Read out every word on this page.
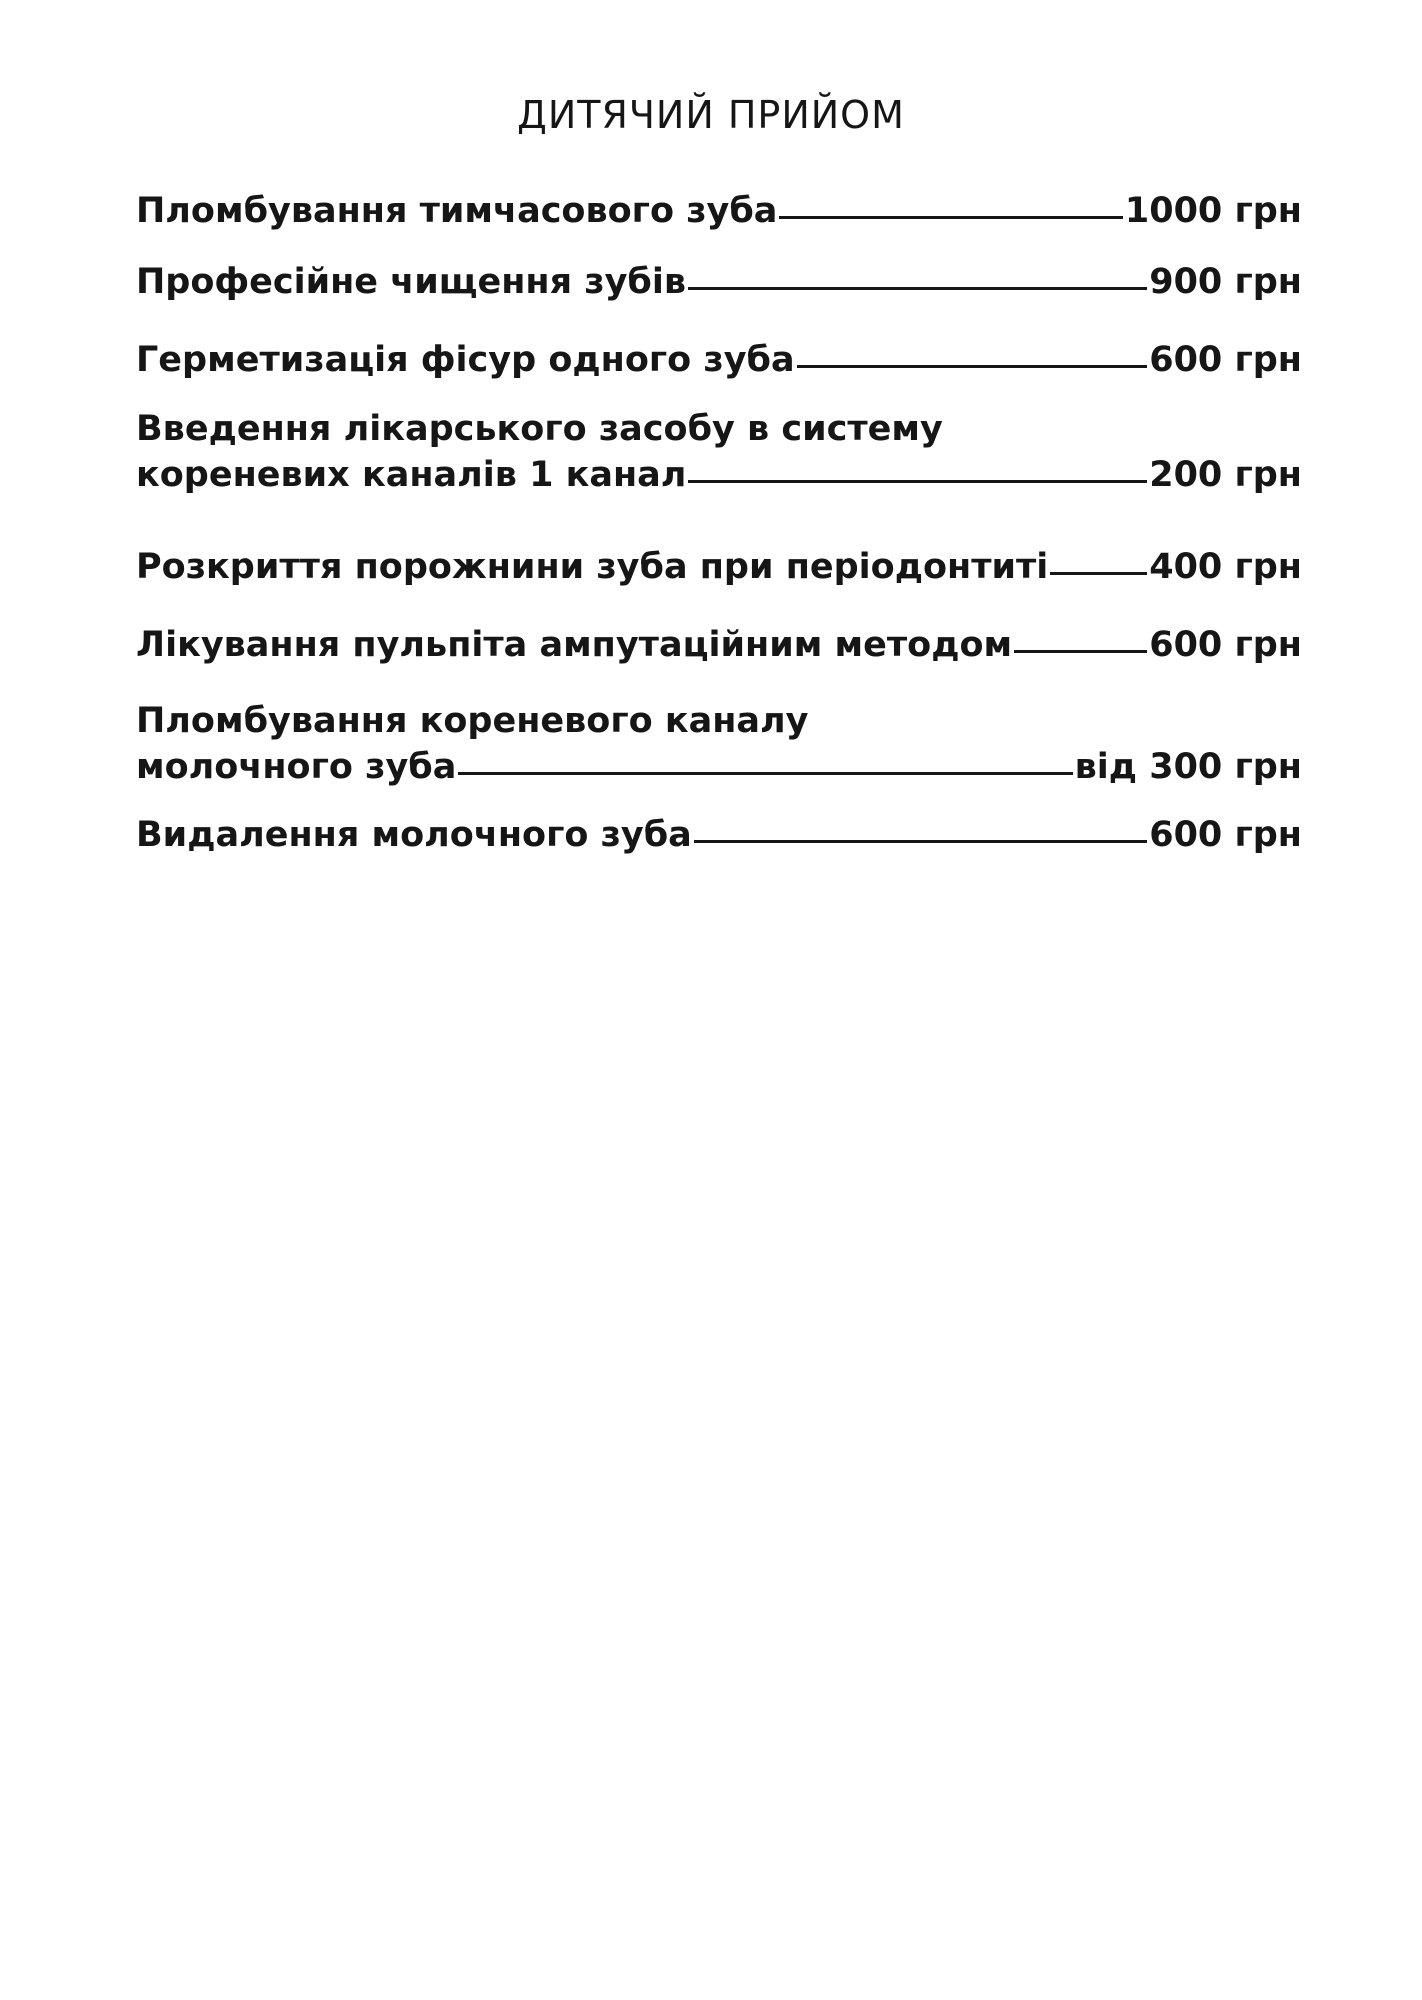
ДИТЯЧИЙ ПРИЙОМ
Пломбування тимчасового зуба	1000 грн
Професійне чищення зубів	900 грн
Герметизація фісур одного зуба	600 грн
Введення лікарського засобу в систему
кореневих каналів 1 канал	200 грн
Розкриття порожнини зуба при періодонтиті	400 грн
Лікування пульпіта ампутаційним методом	600 грн
Пломбування кореневого каналу
молочного зуба	від 300 грн
Видалення молочного зуба	600 грн
